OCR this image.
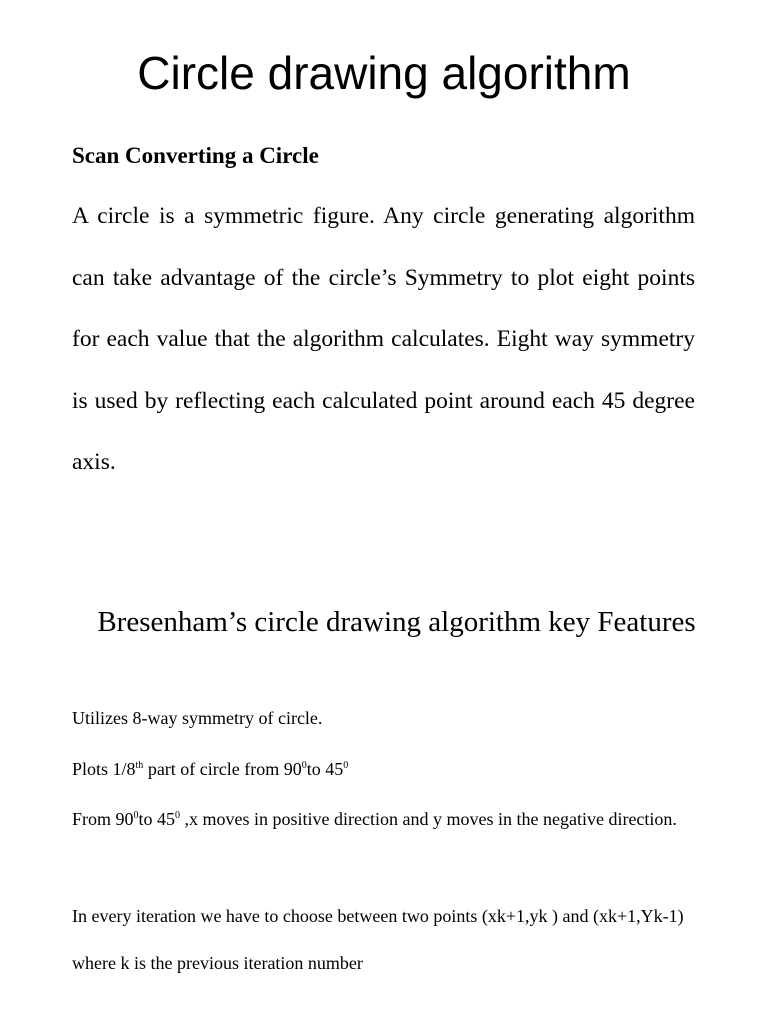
Circle drawing algorithm
Scan Converting a Circle

A circle is a symmetric figure. Any circle generating algorithm can take advantage of the circle’s Symmetry to plot eight points for each value that the algorithm calculates. Eight way symmetry is used by reflecting each calculated point around each 45 degree axis.

Bresenham’s circle drawing algorithm key Features

Utilizes 8-way symmetry of circle.

Plots 1/8th part of circle from $90^0to$ $45^0$

From $90^0to$ $45^0$ ,x moves in positive direction and y moves in the negative direction.

In every iteration we have to choose between two points (xk+1,yk ) and (xk+1,Yk-1) where k is the previous iteration number
